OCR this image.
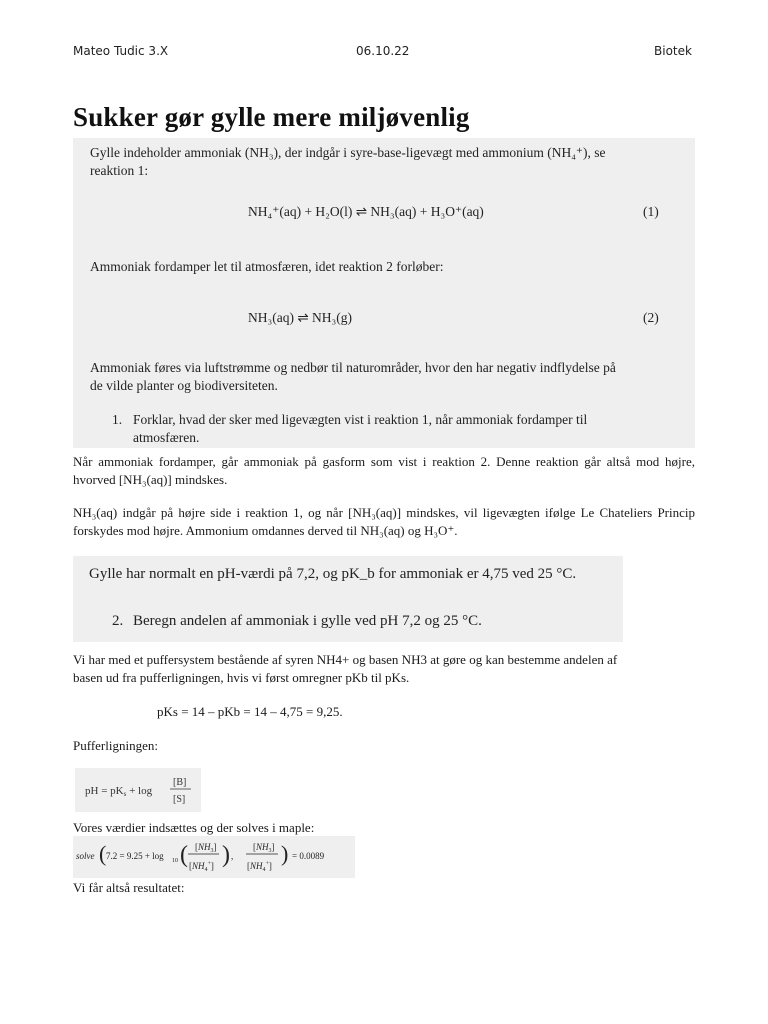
Mateo Tudic 3.X	06.10.22	Biotek
Sukker gør gylle mere miljøvenlig
Gylle indeholder ammoniak (NH₃), der indgår i syre-base-ligevægt med ammonium (NH₄⁺), se
reaktion 1:
NH₄⁺(aq) + H₂O(l) ⇌ NH₃(aq) + H₃O⁺(aq)	(1)
Ammoniak fordamper let til atmosfæren, idet reaktion 2 forløber:
NH₃(aq) ⇌ NH₃(g)	(2)
Ammoniak føres via luftstrømme og nedbør til naturområder, hvor den har negativ indflydelse på
de vilde planter og biodiversiteten.
1. Forklar, hvad der sker med ligevægten vist i reaktion 1, når ammoniak fordamper til
atmosfæren.
Når ammoniak fordamper, går ammoniak på gasform som vist i reaktion 2. Denne reaktion går altså mod højre, hvorved [NH₃(aq)] mindskes.
NH₃(aq) indgår på højre side i reaktion 1, og når [NH₃(aq)] mindskes, vil ligevægten ifølge Le Chateliers Princip forskydes mod højre. Ammonium omdannes derved til NH₃(aq) og H₃O⁺.
Gylle har normalt en pH-værdi på 7,2, og pK_b for ammoniak er 4,75 ved 25 °C.
2. Beregn andelen af ammoniak i gylle ved pH 7,2 og 25 °C.
Vi har med et puffersystem bestående af syren NH4+ og basen NH3 at gøre og kan bestemme andelen af basen ud fra pufferligningen, hvis vi først omregner pKb til pKs.
pKs = 14 – pKb = 14 – 4,75 = 9,25.
Pufferligningen:
pH = pKs + log
[B]
[S]
Vores værdier indsættes og der solves i maple:
solve ( 7.2 = 9.25 + log 10 ( $[NH_3]$
$[NH_4^+]$ ) ,
$[NH_3]$
$[NH_4^+]$ ) = 0.0089
Vi får altså resultatet:
